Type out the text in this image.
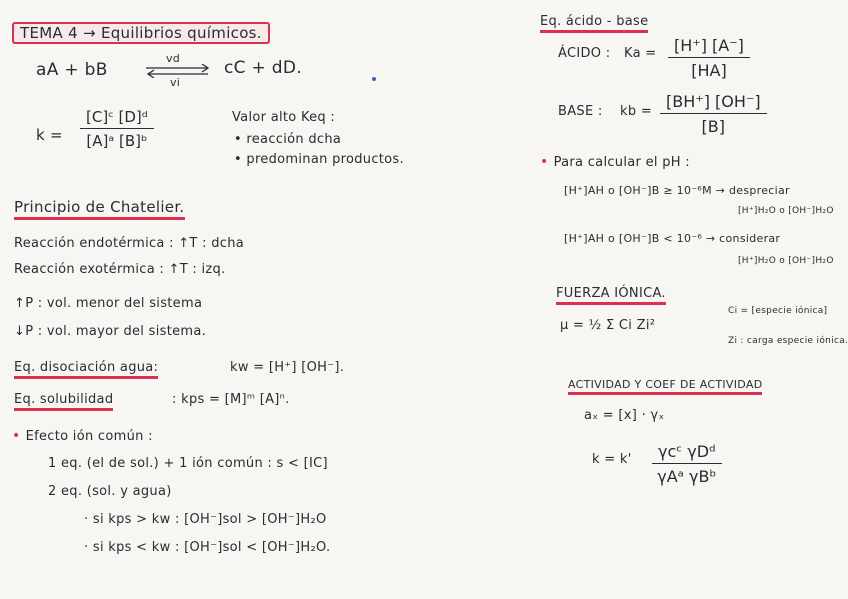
TEMA 4 → Equilibrios químicos.
aA + bB
vd
vi
cC + dD.
$k = \frac{\text{[C]ᶜ [D]ᵈ}}{\text{[A]ᵃ [B]ᵇ}}$	Valor alto Keq :
• reacción dcha
• predominan productos.
Principio de Chatelier.
Reacción endotérmica : ↑T : dcha
Reacción exotérmica : ↑T : izq.
↑P : vol. menor del sistema
↓P : vol. mayor del sistema.
Eq. disociación agua:	kw = [H⁺] [OH⁻].
Eq. solubilidad	: kps = [M]ᵐ [A]ⁿ.
• Efecto ión común :
1 eq. (el de sol.) + 1 ión común : s < [IC]
2 eq. (sol. y agua)
· si kps > kw : [OH⁻]sol > [OH⁻]H₂O
· si kps < kw : [OH⁻]sol < [OH⁻]H₂O.
Eq. ácido - base
ÁCIDO : $Ka = \frac{[H^+] [A^-]}{[HA]}$
BASE : kb = $\frac{[BH^+] [OH^-]}{[B]}$
• Para calcular el pH :
[H⁺]AH o [OH⁻]B ≥ 10⁻⁶M → despreciar
[H⁺]H₂O o [OH⁻]H₂O
[H⁺]AH o [OH⁻]B < 10⁻⁶ → considerar
[H⁺]H₂O o [OH⁻]H₂O
FUERZA IÓNICA.
μ = ½ Σ Ci Zi²
Ci = [especie iónica]
Zi : carga especie iónica.
ACTIVIDAD Y COEF DE ACTIVIDAD
aₓ = [x] · γₓ
k = k'	γcᶜ γDᵈ
γAᵃ γBᵇ
